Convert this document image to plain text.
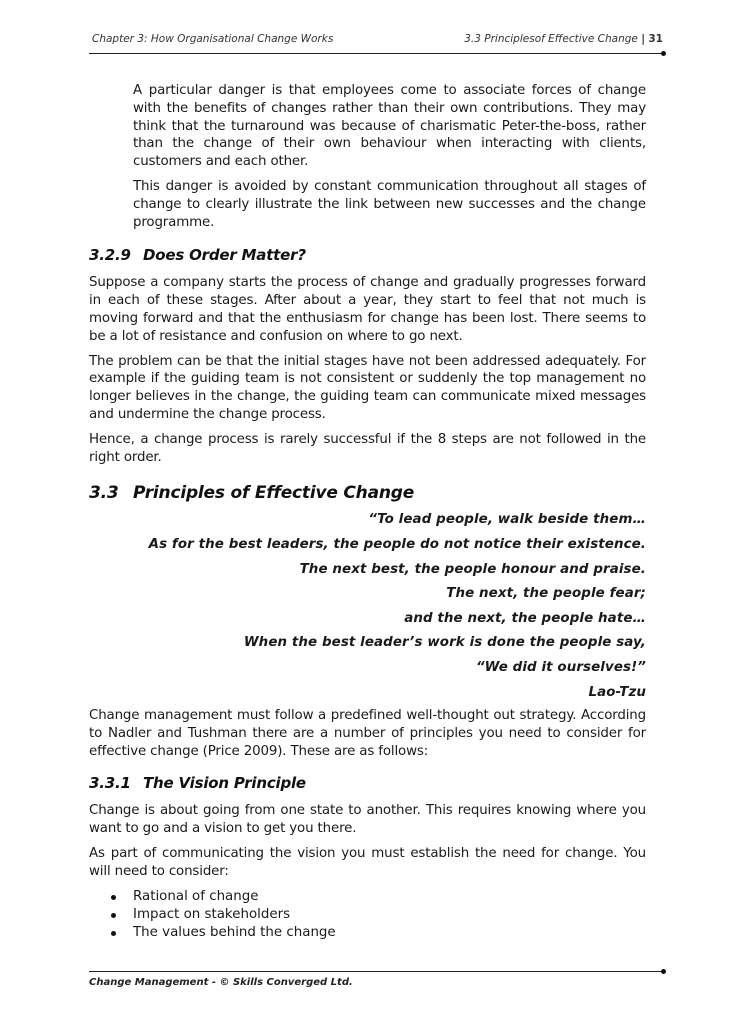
Chapter 3: How Organisational Change Works	3.3 Principlesof Effective Change | 31

A particular danger is that employees come to associate forces of change with the benefits of changes rather than their own contributions. They may think that the turnaround was because of charismatic Peter-the-boss, rather than the change of their own behaviour when interacting with clients, customers and each other.

This danger is avoided by constant communication throughout all stages of change to clearly illustrate the link between new successes and the change programme.

3.2.9 Does Order Matter?

Suppose a company starts the process of change and gradually progresses forward in each of these stages. After about a year, they start to feel that not much is moving forward and that the enthusiasm for change has been lost. There seems to be a lot of resistance and confusion on where to go next.

The problem can be that the initial stages have not been addressed adequately. For example if the guiding team is not consistent or suddenly the top management no longer believes in the change, the guiding team can communicate mixed messages and undermine the change process.

Hence, a change process is rarely successful if the 8 steps are not followed in the right order.

3.3 Principles of Effective Change
“To lead people, walk beside them…
As for the best leaders, the people do not notice their existence.
The next best, the people honour and praise.
The next, the people fear;
and the next, the people hate…
When the best leader’s work is done the people say,
“We did it ourselves!”
Lao-Tzu

Change management must follow a predefined well-thought out strategy. According to Nadler and Tushman there are a number of principles you need to consider for effective change (Price 2009). These are as follows:

3.3.1 The Vision Principle

Change is about going from one state to another. This requires knowing where you want to go and a vision to get you there.

As part of communicating the vision you must establish the need for change. You will need to consider:

Rational of change
Impact on stakeholders
The values behind the change
Change Management - © Skills Converged Ltd.
